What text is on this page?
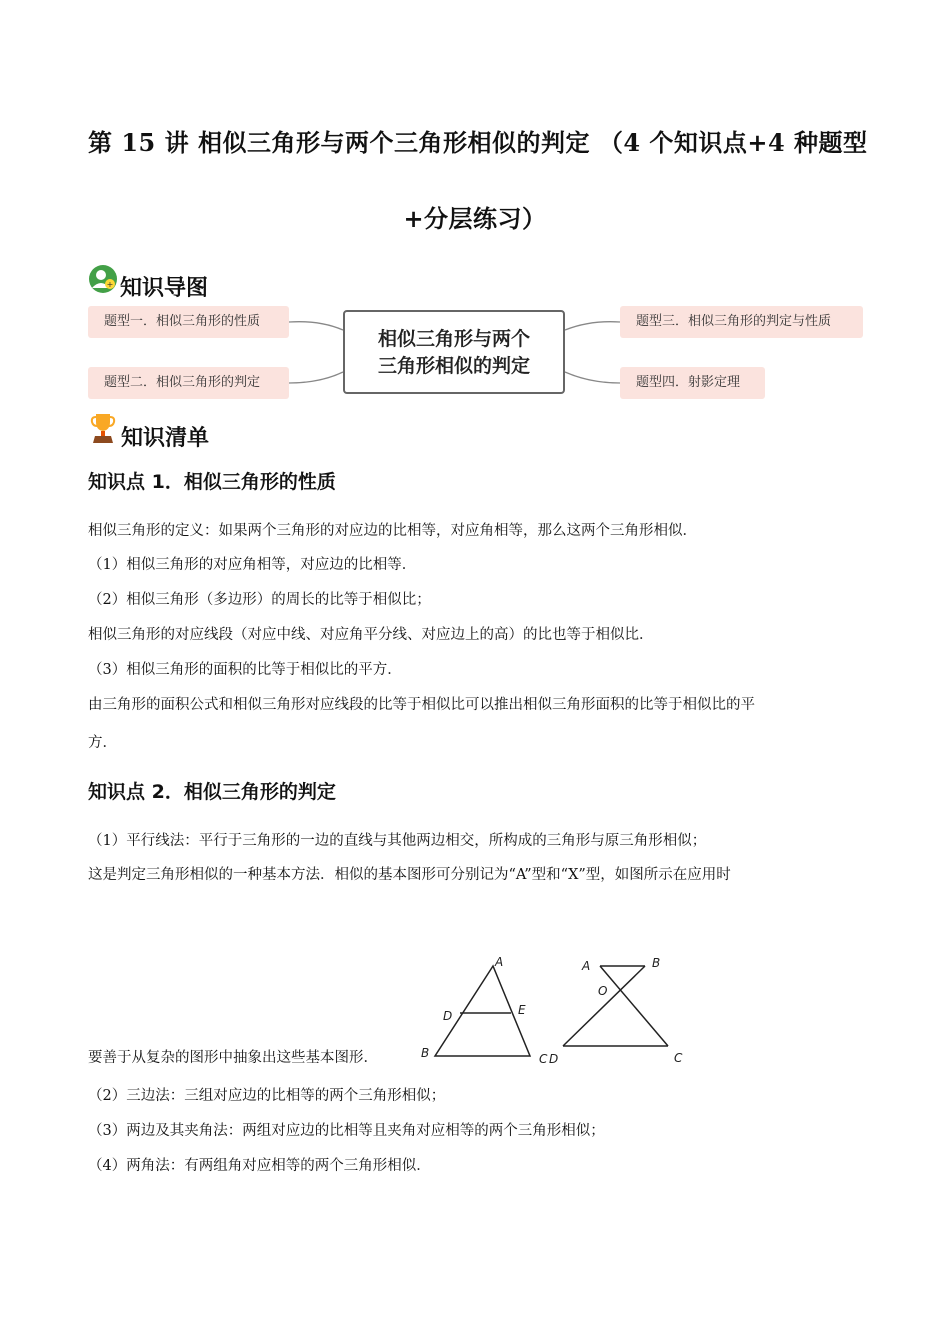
第 15 讲 相似三角形与两个三角形相似的判定 （4 个知识点+4 种题型
+分层练习）
+ 知识导图
题型一．相似三角形的性质
题型二．相似三角形的判定
题型三．相似三角形的判定与性质
题型四．射影定理
相似三角形与两个
三角形相似的判定
知识清单
知识点 1．相似三角形的性质
相似三角形的定义：如果两个三角形的对应边的比相等，对应角相等，那么这两个三角形相似．
（1）相似三角形的对应角相等，对应边的比相等．
（2）相似三角形（多边形）的周长的比等于相似比；
相似三角形的对应线段（对应中线、对应角平分线、对应边上的高）的比也等于相似比．
（3）相似三角形的面积的比等于相似比的平方．
由三角形的面积公式和相似三角形对应线段的比等于相似比可以推出相似三角形面积的比等于相似比的平
方．
知识点 2．相似三角形的判定
（1）平行线法：平行于三角形的一边的直线与其他两边相交，所构成的三角形与原三角形相似；
这是判定三角形相似的一种基本方法．相似的基本图形可分别记为“A”型和“X”型，如图所示在应用时
要善于从复杂的图形中抽象出这些基本图形．
（2）三边法：三组对应边的比相等的两个三角形相似；
（3）两边及其夹角法：两组对应边的比相等且夹角对应相等的两个三角形相似；
（4）两角法：有两组角对应相等的两个三角形相似．
A
D	E
B	C
A	B
O
D	C
